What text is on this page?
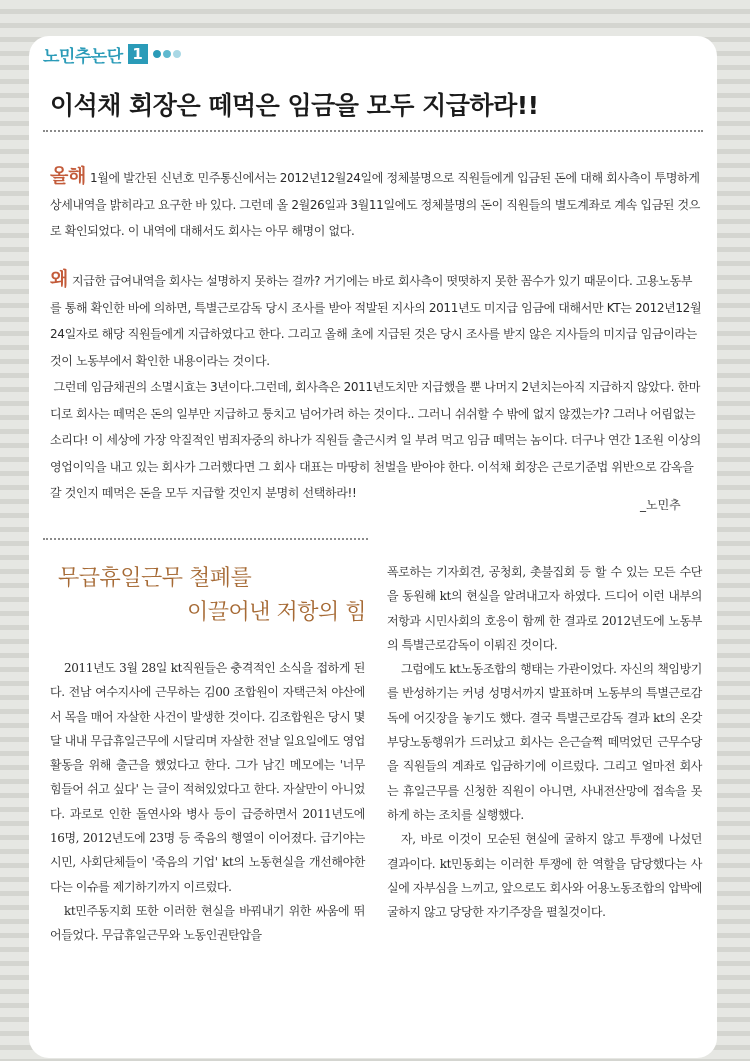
노민추논단 1
이석채 회장은 떼먹은 임금을 모두 지급하라!!

올해 1월에 발간된 신년호 민주통신에서는 2012년12월24일에 정체불명으로 직원들에게 입금된 돈에 대해 회사측이 투명하게 상세내역을 밝히라고 요구한 바 있다. 그런데 올 2월26일과 3월11일에도 정체불명의 돈이 직원들의 별도계좌로 계속 입금된 것으로 확인되었다. 이 내역에 대해서도 회사는 아무 해명이 없다.

왜지급한 급여내역을 회사는 설명하지 못하는 걸까? 거기에는 바로 회사측이 떳떳하지 못한 꼼수가 있기 때문이다. 고용노동부를 통해 확인한 바에 의하면, 특별근로감독 당시 조사를 받아 적발된 지사의 2011년도 미지급 임금에 대해서만 KT는 2012년12월24일자로 해당 직원들에게 지급하였다고 한다. 그리고 올해 초에 지급된 것은 당시 조사를 받지 않은 지사들의 미지급 임금이라는 것이 노동부에서 확인한 내용이라는 것이다.
그런데 임금채권의 소멸시효는 3년이다.그런데, 회사측은 2011년도치만 지급했을 뿐 나머지 2년치는아직 지급하지 않았다. 한마디로 회사는 떼먹은 돈의 일부만 지급하고 퉁치고 넘어가려 하는 것이다.. 그러니 쉬쉬할 수 밖에 없지 않겠는가? 그러나 어림없는 소리다! 이 세상에 가장 악질적인 범죄자중의 하나가 직원들 출근시켜 일 부려 먹고 임금 떼먹는 놈이다. 더구나 연간 1조원 이상의 영업이익을 내고 있는 회사가 그러했다면 그 회사 대표는 마땅히 천벌을 받아야 한다. 이석채 회장은 근로기준법 위반으로 감옥을 갈 것인지 떼먹은 돈을 모두 지급할 것인지 분명히 선택하라!!

_노민추
무급휴일근무 철폐를
이끌어낸 저항의 힘

2011년도 3월 28일 kt직원들은 충격적인 소식을 접하게 된다. 전남 여수지사에 근무하는 김00 조합원이 자택근처 야산에서 목을 매어 자살한 사건이 발생한 것이다. 김조합원은 당시 몇달 내내 무급휴일근무에 시달리며 자살한 전날 일요일에도 영업활동을 위해 출근을 했었다고 한다. 그가 남긴 메모에는 '너무 힘들어 쉬고 싶다' 는 글이 적혀있었다고 한다. 자살만이 아니었다. 과로로 인한 돌연사와 병사 등이 급증하면서 2011년도에 16명, 2012년도에 23명 등 죽음의 행열이 이어졌다. 급기야는 시민, 사회단체들이 '죽음의 기업' kt의 노동현실을 개선해야한다는 이슈를 제기하기까지 이르렀다.

kt민주동지회 또한 이러한 현실을 바꿔내기 위한 싸움에 뛰어들었다. 무급휴일근무와 노동인권탄압을

폭로하는 기자회견, 공청회, 촛불집회 등 할 수 있는 모든 수단을 동원해 kt의 현실을 알려내고자 하였다. 드디어 이런 내부의 저항과 시민사회의 호응이 함께 한 결과로 2012년도에 노동부의 특별근로감독이 이뤄진 것이다.

그럼에도 kt노동조합의 행태는 가관이었다. 자신의 책임방기를 반성하기는 커녕 성명서까지 발표하며 노동부의 특별근로감독에 어깃장을 놓기도 했다. 결국 특별근로감독 결과 kt의 온갖 부당노동행위가 드러났고 회사는 은근슬쩍 떼먹었던 근무수당을 직원들의 계좌로 입금하기에 이르렀다. 그리고 얼마전 회사는 휴일근무를 신청한 직원이 아니면, 사내전산망에 접속을 못하게 하는 조치를 실행했다.

자, 바로 이것이 모순된 현실에 굴하지 않고 투쟁에 나섰던 결과이다. kt민동회는 이러한 투쟁에 한 역할을 담당했다는 사실에 자부심을 느끼고, 앞으로도 회사와 어용노동조합의 압박에 굴하지 않고 당당한 자기주장을 펼칠것이다.
